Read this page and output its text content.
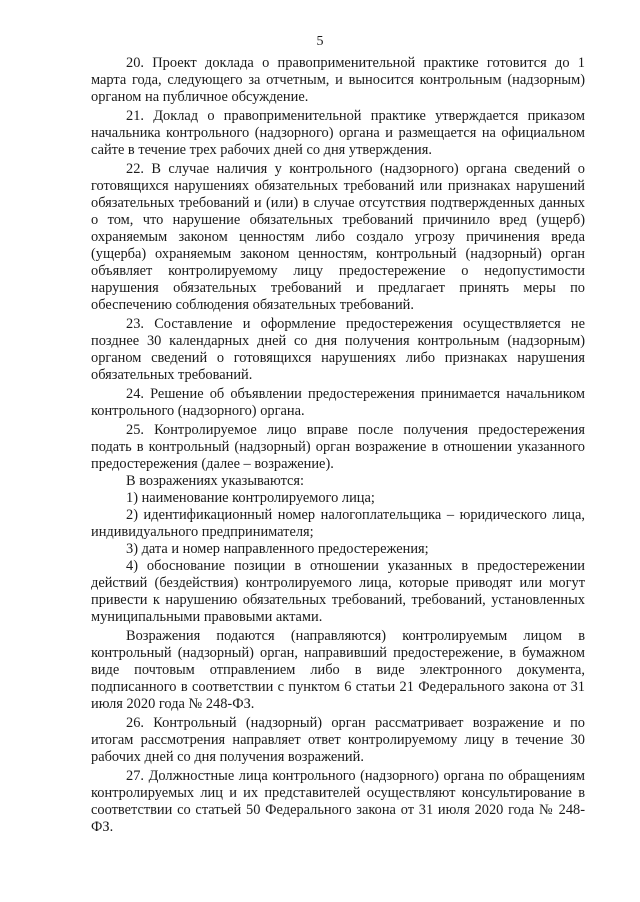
5

20. Проект доклада о правоприменительной практике готовится до 1 марта года, следующего за отчетным, и выносится контрольным (надзорным) органом на публичное обсуждение.

21. Доклад о правоприменительной практике утверждается приказом начальника контрольного (надзорного) органа и размещается на официальном сайте в течение трех рабочих дней со дня утверждения.

22. В случае наличия у контрольного (надзорного) органа сведений о готовящихся нарушениях обязательных требований или признаках нарушений обязательных требований и (или) в случае отсутствия подтвержденных данных о том, что нарушение обязательных требований причинило вред (ущерб) охраняемым законом ценностям либо создало угрозу причинения вреда (ущерба) охраняемым законом ценностям, контрольный (надзорный) орган объявляет контролируемому лицу предостережение о недопустимости нарушения обязательных требований и предлагает принять меры по обеспечению соблюдения обязательных требований.

23. Составление и оформление предостережения осуществляется не позднее 30 календарных дней со дня получения контрольным (надзорным) органом сведений о готовящихся нарушениях либо признаках нарушения обязательных требований.

24. Решение об объявлении предостережения принимается начальником контрольного (надзорного) органа.

25. Контролируемое лицо вправе после получения предостережения подать в контрольный (надзорный) орган возражение в отношении указанного предостережения (далее – возражение).

В возражениях указываются:

1) наименование контролируемого лица;

2) идентификационный номер налогоплательщика – юридического лица, индивидуального предпринимателя;

3) дата и номер направленного предостережения;

4) обоснование позиции в отношении указанных в предостережении действий (бездействия) контролируемого лица, которые приводят или могут привести к нарушению обязательных требований, требований, установленных муниципальными правовыми актами.

Возражения подаются (направляются) контролируемым лицом в контрольный (надзорный) орган, направивший предостережение, в бумажном виде почтовым отправлением либо в виде электронного документа, подписанного в соответствии с пунктом 6 статьи 21 Федерального закона от 31 июля 2020 года № 248-ФЗ.

26. Контрольный (надзорный) орган рассматривает возражение и по итогам рассмотрения направляет ответ контролируемому лицу в течение 30 рабочих дней со дня получения возражений.

27. Должностные лица контрольного (надзорного) органа по обращениям контролируемых лиц и их представителей осуществляют консультирование в соответствии со статьей 50 Федерального закона от 31 июля 2020 года № 248-ФЗ.
